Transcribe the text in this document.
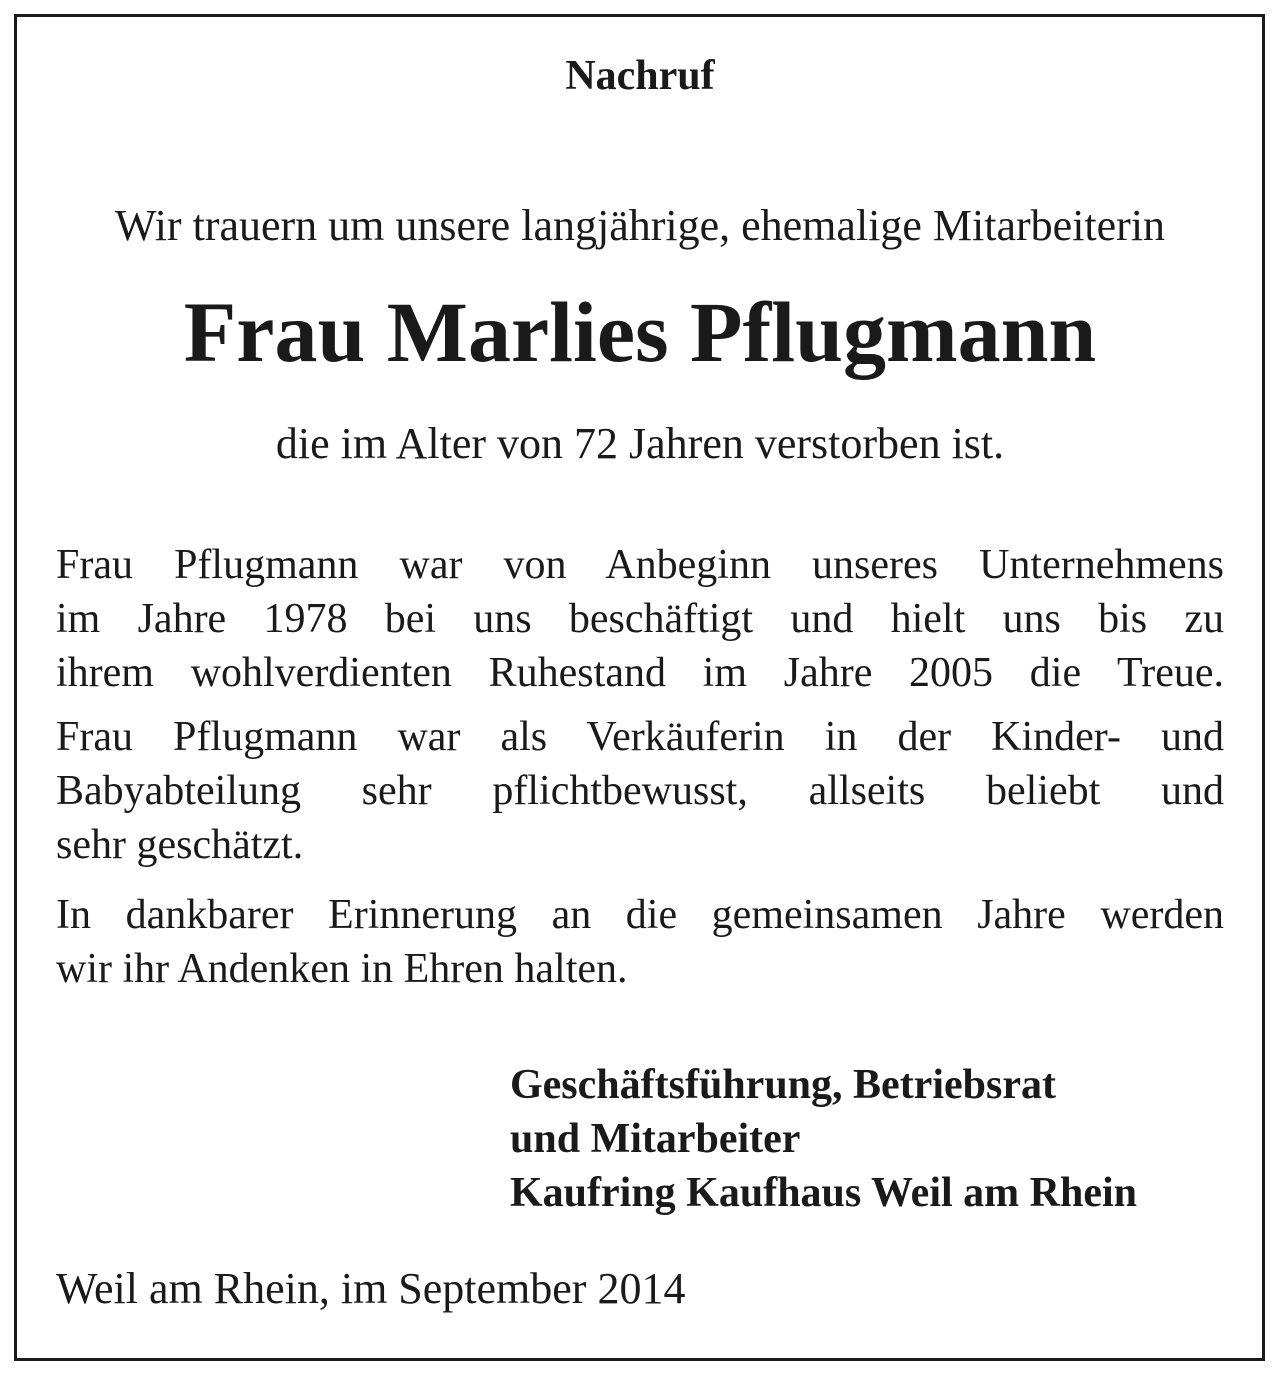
Nachruf
Wir trauern um unsere langjährige, ehemalige Mitarbeiterin
Frau Marlies Pflugmann
die im Alter von 72 Jahren verstorben ist.
Frau Pflugmann war von Anbeginn unseres Unternehmens
im Jahre 1978 bei uns beschäftigt und hielt uns bis zu
ihrem wohlverdienten Ruhestand im Jahre 2005 die Treue.
Frau Pflugmann war als Verkäuferin in der Kinder- und
Babyabteilung sehr pflichtbewusst, allseits beliebt und
sehr geschätzt.
In dankbarer Erinnerung an die gemeinsamen Jahre werden
wir ihr Andenken in Ehren halten.
Geschäftsführung, Betriebsrat
und Mitarbeiter
Kaufring Kaufhaus Weil am Rhein
Weil am Rhein, im September 2014
